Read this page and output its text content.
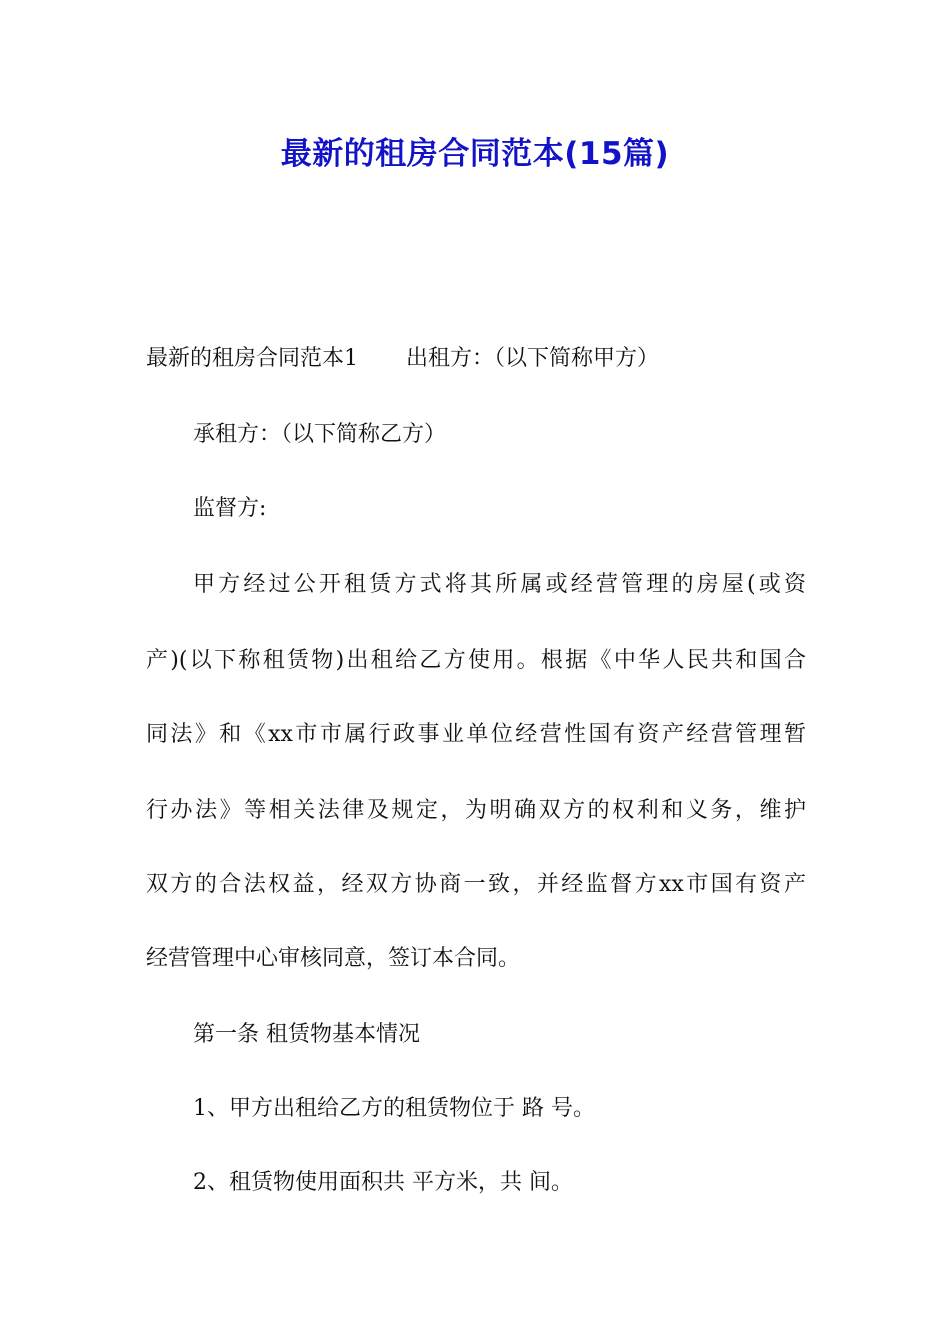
最新的租房合同范本(15篇)

最新的租房合同范本1 出租方：（以下简称甲方）

承租方：（以下简称乙方）

监督方:

甲方经过公开租赁方式将其所属或经营管理的房屋(或资

产)(以下称租赁物)出租给乙方使用。根据《中华人民共和国合

同法》和《xx市市属行政事业单位经营性国有资产经营管理暂

行办法》等相关法律及规定，为明确双方的权利和义务，维护

双方的合法权益，经双方协商一致，并经监督方xx市国有资产

经营管理中心审核同意，签订本合同。

第一条 租赁物基本情况

1、甲方出租给乙方的租赁物位于 路 号。

2、租赁物使用面积共 平方米，共 间。
